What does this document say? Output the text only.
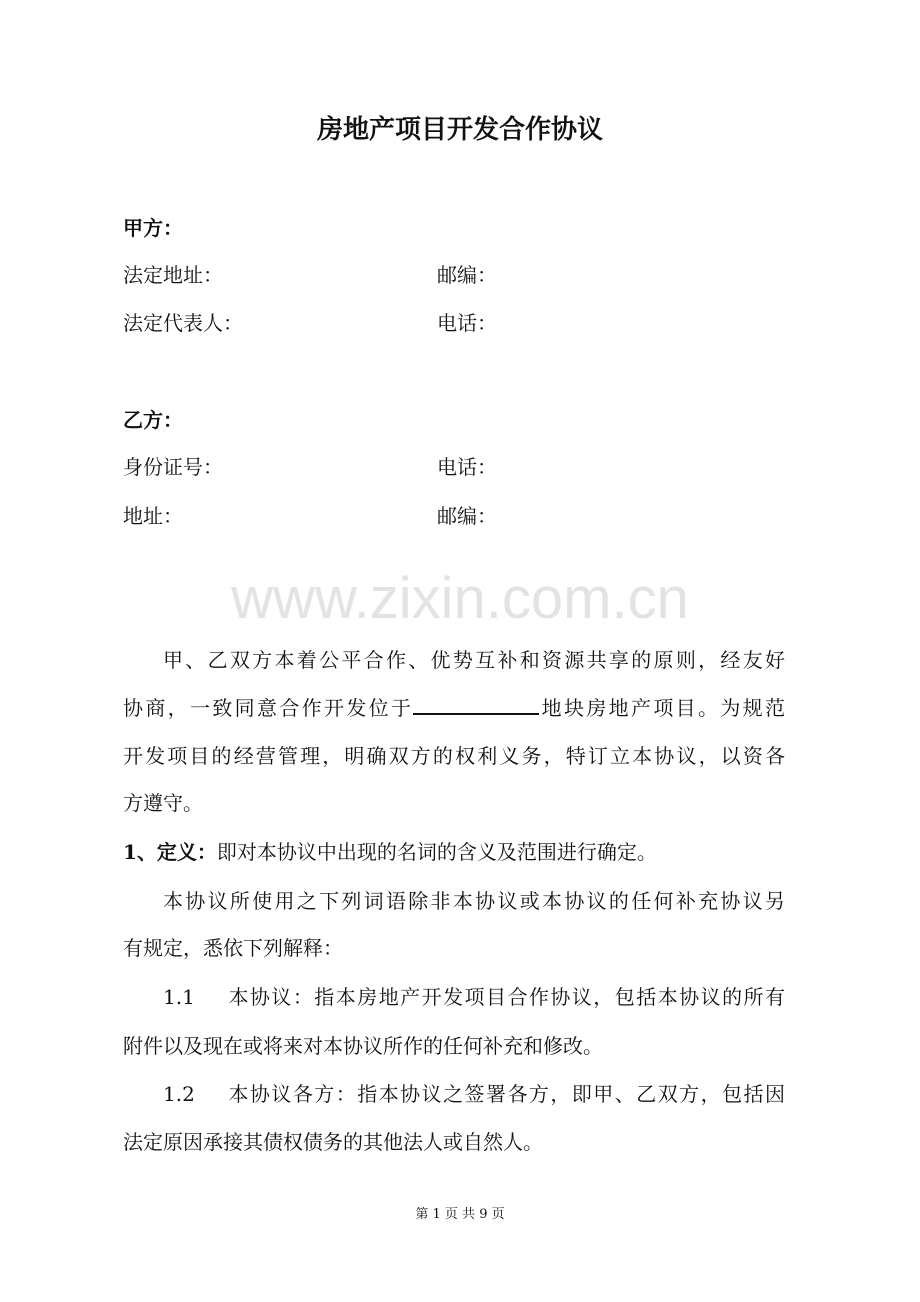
www.zixin.com.cn
房地产项目开发合作协议
甲方：
法定地址：	邮编：
法定代表人：	电话：
乙方：
身份证号：	电话：
地址：	邮编：
甲、乙双方本着公平合作、优势互补和资源共享的原则，经友好
协商，一致同意合作开发位于	地块房地产项目。为规范
开发项目的经营管理，明确双方的权利义务，特订立本协议，以资各
方遵守。
1、定义：即对本协议中出现的名词的含义及范围进行确定。
本协议所使用之下列词语除非本协议或本协议的任何补充协议另
有规定，悉依下列解释：
1.1 本协议：指本房地产开发项目合作协议，包括本协议的所有
附件以及现在或将来对本协议所作的任何补充和修改。
1.2 本协议各方：指本协议之签署各方，即甲、乙双方，包括因
法定原因承接其债权债务的其他法人或自然人。
第 1 页 共 9 页
